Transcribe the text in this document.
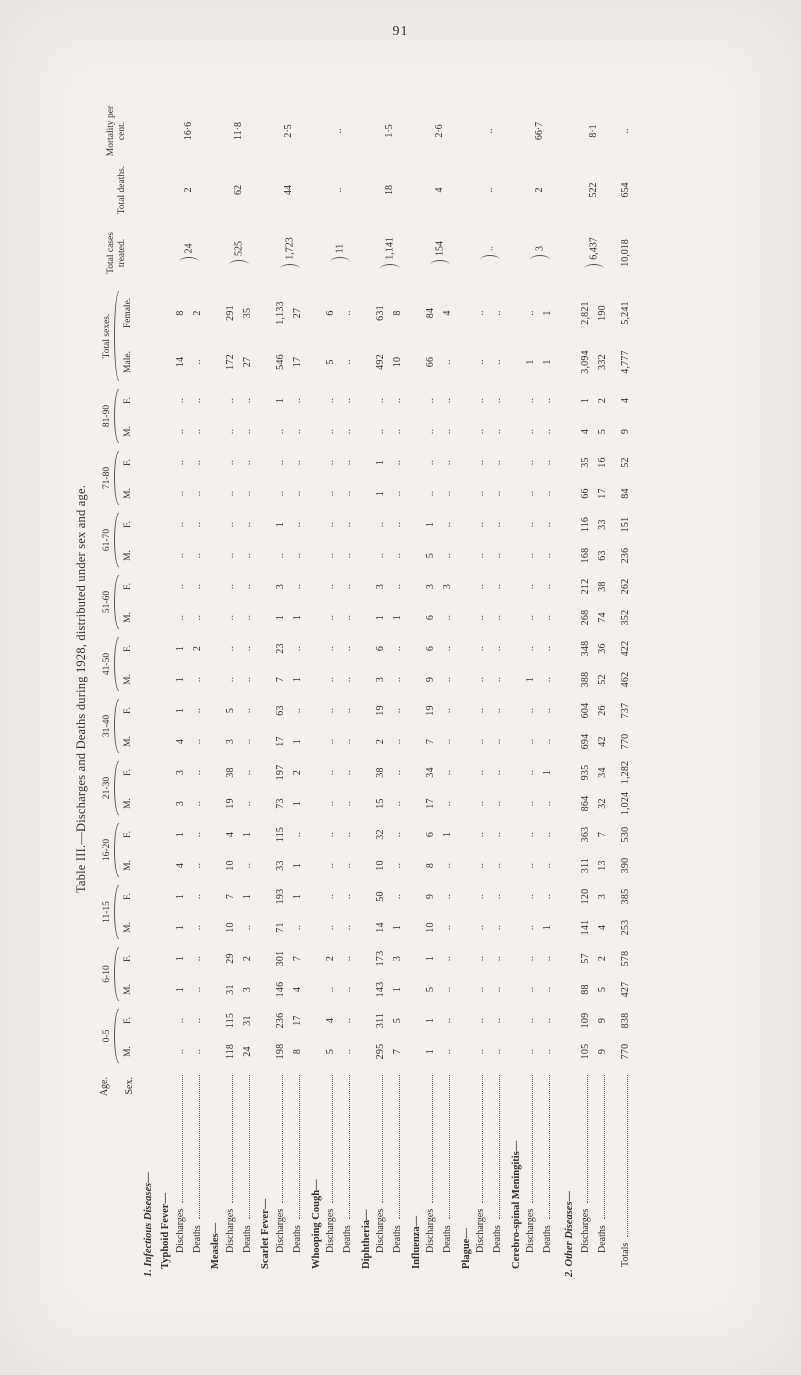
91
Table III.—Discharges and Deaths during 1928, distributed under sex and age.
Age. Sex.	0-5		6-10		11-15		16-20		21-30		31-40		41-50		51-60		61-70		71-80		81-90		Total sexes.		Total cases treated.	Total deaths.	Mortality per cent.
	M.	F.	M.	F.	M.	F.	M.	F.	M.	F.	M.	F.	M.	F.	M.	F.	M.	F.	M.	F.	M.	F.	Male.	Female.			
1. Infectious Diseases—																											
Typhoid Fever—																											

Discharges	..	..	1	1	1	1	4	1	3	3	4	1	1	1	..	..	..	..	..	..	..	..	14	8	24	2	16·6

Deaths	..	..	..	..	..	..	..	..	..	..	..	..	..	2	..	..	..	..	..	..	..	..	..	2			
Measles—																											

Discharges	118	115	31	29	10	7	10	4	19	38	3	5	..	..	..	..	..	..	..	..	..	..	172	291	525	62	11·8

Deaths	24	31	3	2	..	1	..	1	..	..	..	..	..	..	..	..	..	..	..	..	..	..	27	35			
Scarlet Fever—																											

Discharges	198	236	146	301	71	193	33	115	73	197	17	63	7	23	1	3	..	1	..	..	..	1	546	1,133	1,723	44	2·5

Deaths	8	17	4	7	..	1	1	..	1	2	1	..	1	..	1	..	..	..	..	..	..	..	17	27			
Whooping Cough—																											

Discharges	5	4	..	2	..	..	..	..	..	..	..	..	..	..	..	..	..	..	..	..	..	..	5	6	11	..	..

Deaths	..	..	..	..	..	..	..	..	..	..	..	..	..	..	..	..	..	..	..	..	..	..	..	..			
Diphtheria—																											

Discharges	295	311	143	173	14	50	10	32	15	38	2	19	3	6	1	3	..	..	1	1	..	..	492	631	1,141	18	1·5

Deaths	7	5	1	3	1	..	..	..	..	..	..	..	..	..	1	..	..	..	..	..	..	..	10	8			
Influenza—																											

Discharges	1	1	5	1	10	9	8	6	17	34	7	19	9	6	6	3	5	1	..	..	..	..	66	84	154	4	2·6

Deaths	..	..	..	..	..	..	..	1	..	..	..	..	..	..	..	3	..	..	..	..	..	..	..	4			
Plague—																											

Discharges	..	..	..	..	..	..	..	..	..	..	..	..	..	..	..	..	..	..	..	..	..	..	..	..	..	..	..

Deaths	..	..	..	..	..	..	..	..	..	..	..	..	..	..	..	..	..	..	..	..	..	..	..	..			
Cerebro-spinal Meningitis—																											

Discharges	..	..	..	..	..	..	..	..	..	..	..	..	1	..	..	..	..	..	..	..	..	..	1	..	3	2	66·7

Deaths	..	..	..	..	1	..	..	..	..	1	..	..	..	..	..	..	..	..	..	..	..	..	1	1			
2. Other Diseases—																											

Discharges	105	109	88	57	141	120	311	363	864	935	694	604	388	348	268	212	168	116	66	35	4	1	3,094	2,821	6,437	522	8·1

Deaths	9	9	5	2	4	3	13	7	32	34	42	26	52	36	74	38	63	33	17	16	5	2	332	190			

Totals	770	838	427	578	253	385	390	530	1,024	1,282	770	737	462	422	352	262	236	151	84	52	9	4	4,777	5,241	10,018	654	..
